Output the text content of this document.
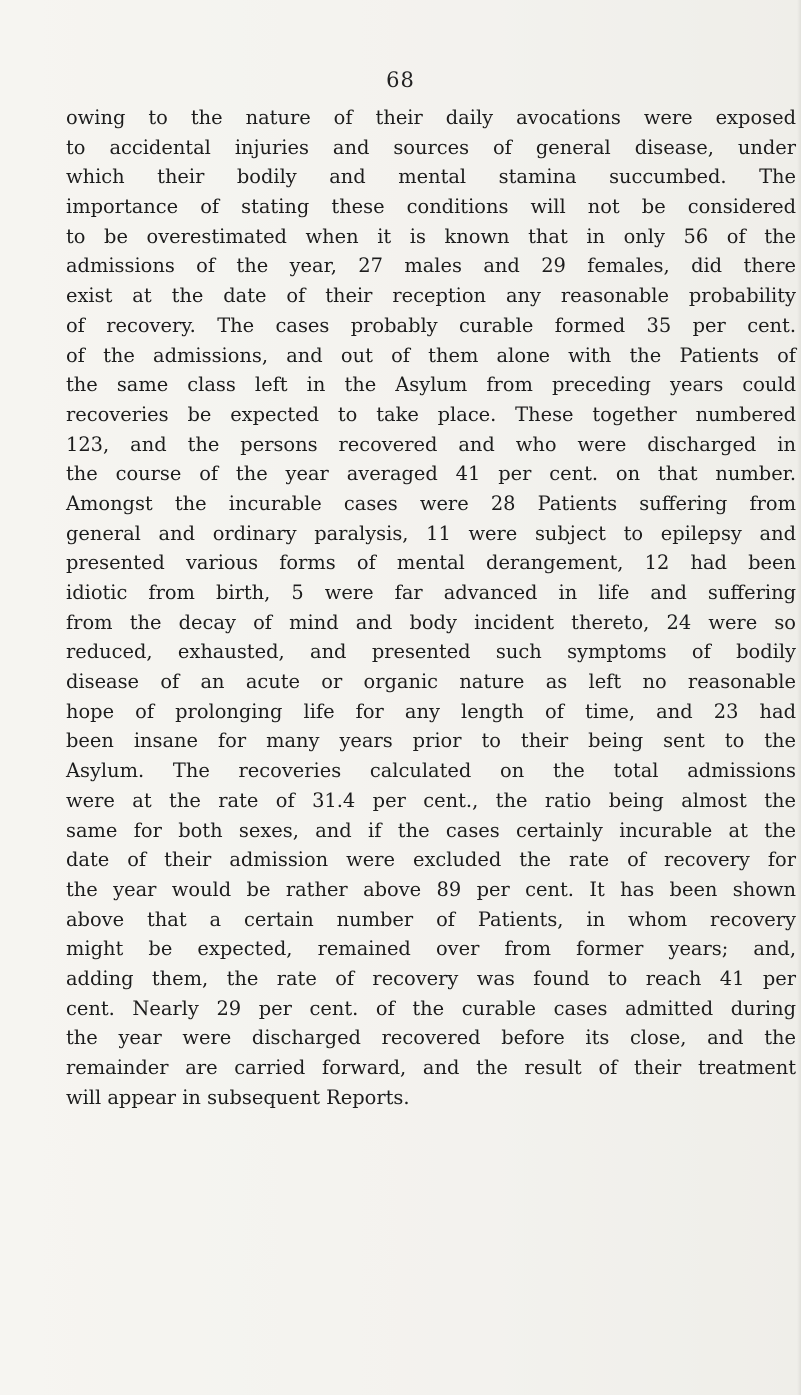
68
owing to the nature of their daily avocations were exposed
to accidental injuries and sources of general disease, under
which their bodily and mental stamina succumbed. The
importance of stating these conditions will not be considered
to be overestimated when it is known that in only 56 of the
admissions of the year, 27 males and 29 females, did there
exist at the date of their reception any reasonable probability
of recovery. The cases probably curable formed 35 per cent.
of the admissions, and out of them alone with the Patients of
the same class left in the Asylum from preceding years could
recoveries be expected to take place. These together numbered
123, and the persons recovered and who were discharged in
the course of the year averaged 41 per cent. on that number.
Amongst the incurable cases were 28 Patients suffering from
general and ordinary paralysis, 11 were subject to epilepsy and
presented various forms of mental derangement, 12 had been
idiotic from birth, 5 were far advanced in life and suffering
from the decay of mind and body incident thereto, 24 were so
reduced, exhausted, and presented such symptoms of bodily
disease of an acute or organic nature as left no reasonable
hope of prolonging life for any length of time, and 23 had
been insane for many years prior to their being sent to the
Asylum. The recoveries calculated on the total admissions
were at the rate of 31.4 per cent., the ratio being almost the
same for both sexes, and if the cases certainly incurable at the
date of their admission were excluded the rate of recovery for
the year would be rather above 89 per cent. It has been shown
above that a certain number of Patients, in whom recovery
might be expected, remained over from former years; and,
adding them, the rate of recovery was found to reach 41 per
cent. Nearly 29 per cent. of the curable cases admitted during
the year were discharged recovered before its close, and the
remainder are carried forward, and the result of their treatment
will appear in subsequent Reports.
